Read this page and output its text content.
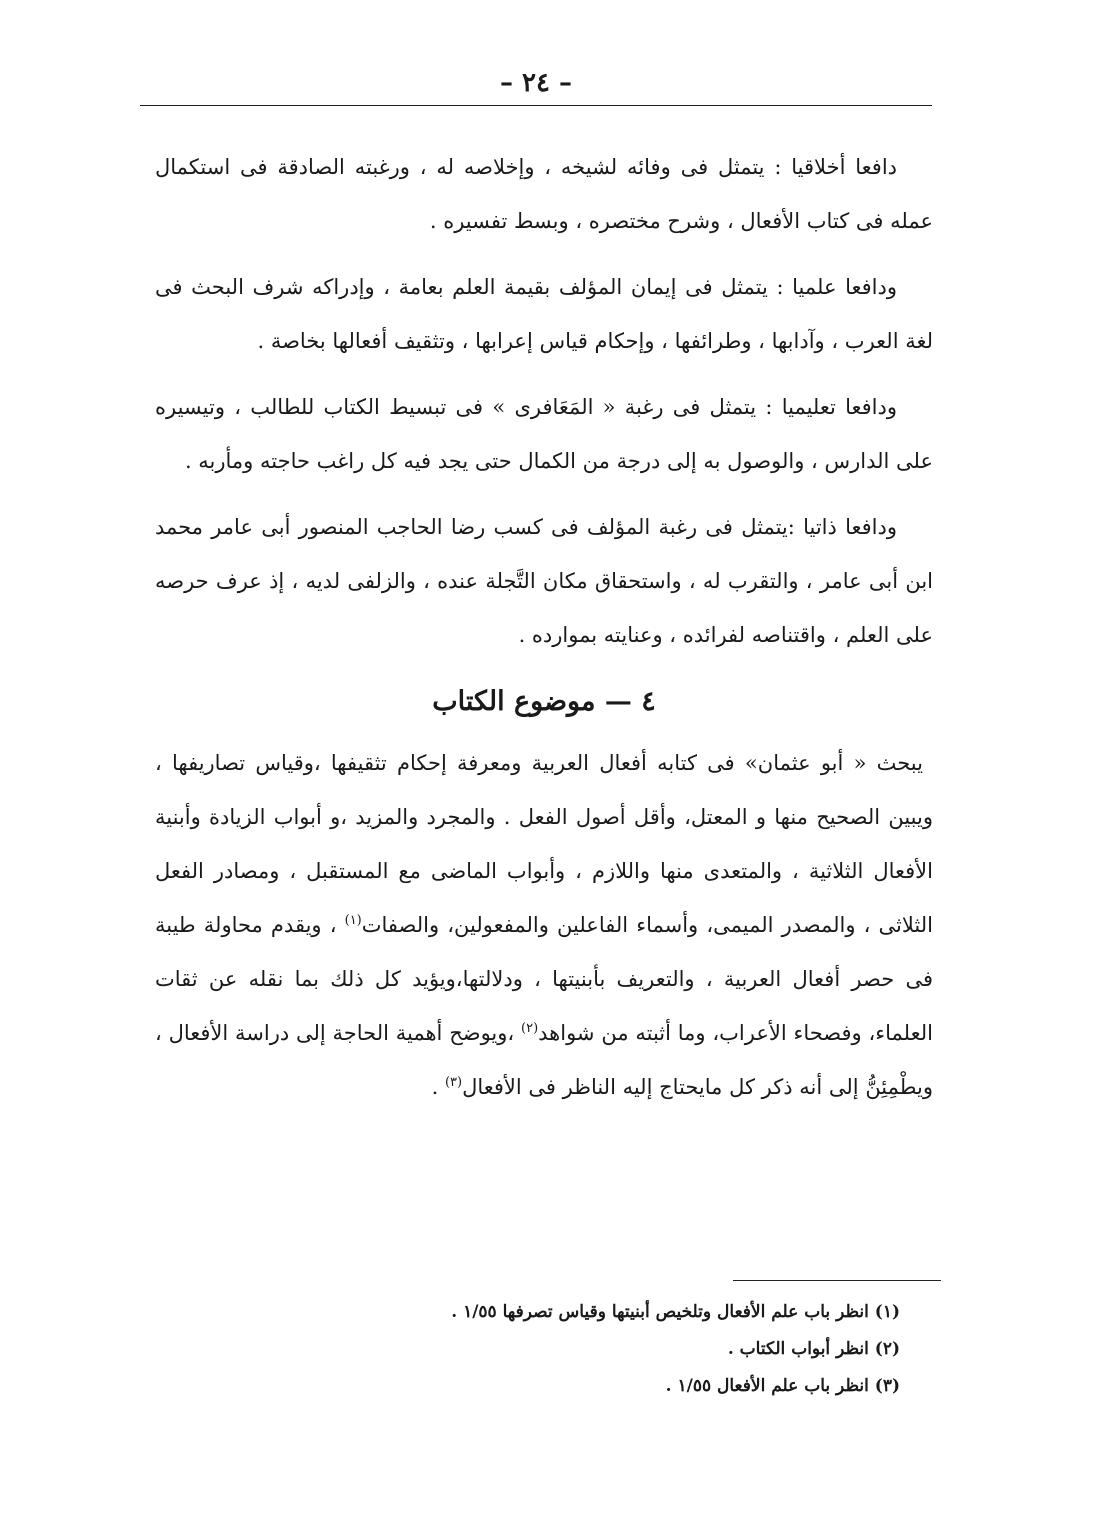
– ٢٤ –

دافعا أخلاقيا : يتمثل فى وفائه لشيخه ، وإخلاصه له ، ورغبته الصادقة فى استكمال عمله فى كتاب الأفعال ، وشرح مختصره ، وبسط تفسيره .

ودافعا علميا : يتمثل فى إيمان المؤلف بقيمة العلم بعامة ، وإدراكه شرف البحث فى لغة العرب ، وآدابها ، وطرائفها ، وإحكام قياس إعرابها ، وتثقيف أفعالها بخاصة .

ودافعا تعليميا : يتمثل فى رغبة « المَعَافرى » فى تبسيط الكتاب للطالب ، وتيسيره على الدارس ، والوصول به إلى درجة من الكمال حتى يجد فيه كل راغب حاجته ومأربه .

ودافعا ذاتيا :يتمثل فى رغبة المؤلف فى كسب رضا الحاجب المنصور أبى عامر محمد ابن أبى عامر ، والتقرب له ، واستحقاق مكان التَّجلة عنده ، والزلفى لديه ، إذ عرف حرصه على العلم ، واقتناصه لفرائده ، وعنايته بموارده .

٤ — موضوع الكتاب

يبحث « أبو عثمان» فى كتابه أفعال العربية ومعرفة إحكام تثقيفها ،وقياس تصاريفها ، ويبين الصحيح منها و المعتل، وأقل أصول الفعل . والمجرد والمزيد ،و أبواب الزيادة وأبنية الأفعال الثلاثية ، والمتعدى منها واللازم ، وأبواب الماضى مع المستقبل ، ومصادر الفعل الثلاثى ، والمصدر الميمى، وأسماء الفاعلين والمفعولين، والصفات$^{(١)}$ ، ويقدم محاولة طيبة فى حصر أفعال العربية ، والتعريف بأبنيتها ، ودلالتها،ويؤيد كل ذلك بما نقله عن ثقات العلماء، وفصحاء الأعراب، وما أثبته من شواهد$^{(٢)}$ ،ويوضح أهمية الحاجة إلى دراسة الأفعال ، ويطْمِئِنُّ إلى أنه ذكر كل مايحتاج إليه الناظر فى الأفعال$^{(٣)}$ .

(١) انظر باب علم الأفعال وتلخيص أبنيتها وقياس تصرفها ١/٥٥ .

(٢) انظر أبواب الكتاب .

(٣) انظر باب علم الأفعال ١/٥٥ .
